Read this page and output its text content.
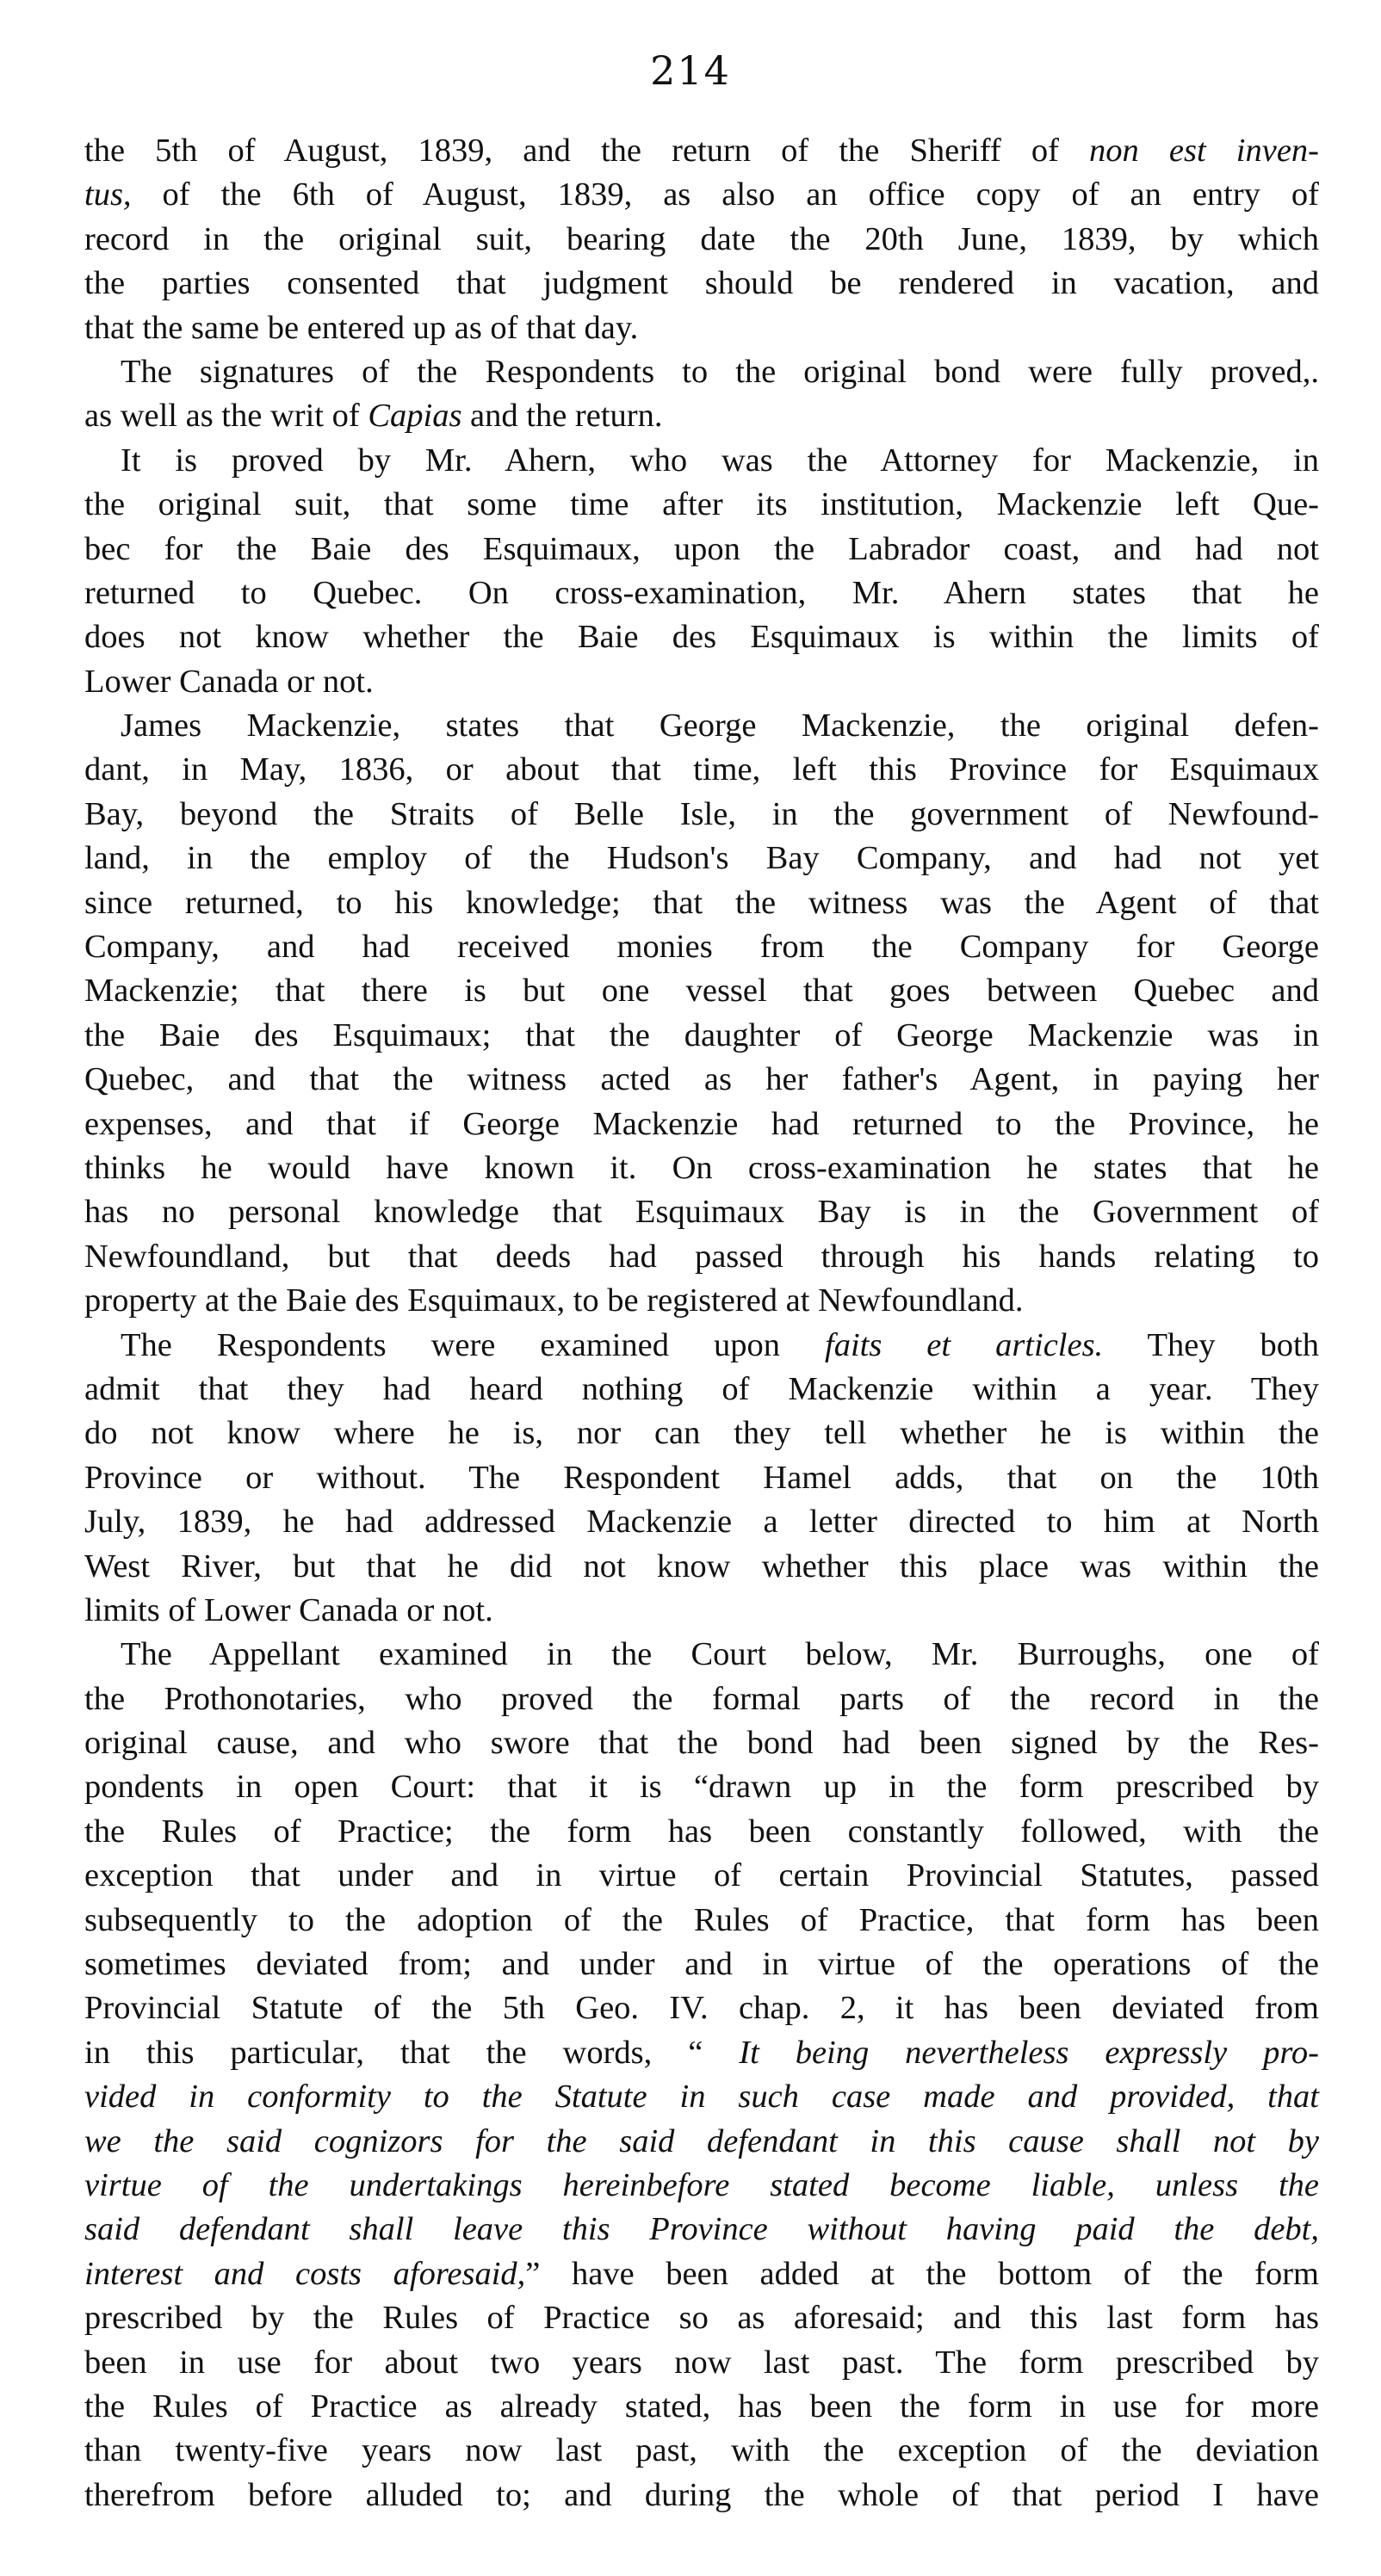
214
the 5th of August, 1839, and the return of the Sheriff of non est inven-
tus, of the 6th of August, 1839, as also an office copy of an entry of
record in the original suit, bearing date the 20th June, 1839, by which
the parties consented that judgment should be rendered in vacation, and
that the same be entered up as of that day.
The signatures of the Respondents to the original bond were fully proved,.
as well as the writ of Capias and the return.
It is proved by Mr. Ahern, who was the Attorney for Mackenzie, in
the original suit, that some time after its institution, Mackenzie left Que-
bec for the Baie des Esquimaux, upon the Labrador coast, and had not
returned to Quebec. On cross-examination, Mr. Ahern states that he
does not know whether the Baie des Esquimaux is within the limits of
Lower Canada or not.
James Mackenzie, states that George Mackenzie, the original defen-
dant, in May, 1836, or about that time, left this Province for Esquimaux
Bay, beyond the Straits of Belle Isle, in the government of Newfound-
land, in the employ of the Hudson's Bay Company, and had not yet
since returned, to his knowledge; that the witness was the Agent of that
Company, and had received monies from the Company for George
Mackenzie; that there is but one vessel that goes between Quebec and
the Baie des Esquimaux; that the daughter of George Mackenzie was in
Quebec, and that the witness acted as her father's Agent, in paying her
expenses, and that if George Mackenzie had returned to the Province, he
thinks he would have known it. On cross-examination he states that he
has no personal knowledge that Esquimaux Bay is in the Government of
Newfoundland, but that deeds had passed through his hands relating to
property at the Baie des Esquimaux, to be registered at Newfoundland.
The Respondents were examined upon faits et articles. They both
admit that they had heard nothing of Mackenzie within a year. They
do not know where he is, nor can they tell whether he is within the
Province or without. The Respondent Hamel adds, that on the 10th
July, 1839, he had addressed Mackenzie a letter directed to him at North
West River, but that he did not know whether this place was within the
limits of Lower Canada or not.
The Appellant examined in the Court below, Mr. Burroughs, one of
the Prothonotaries, who proved the formal parts of the record in the
original cause, and who swore that the bond had been signed by the Res-
pondents in open Court: that it is “drawn up in the form prescribed by
the Rules of Practice; the form has been constantly followed, with the
exception that under and in virtue of certain Provincial Statutes, passed
subsequently to the adoption of the Rules of Practice, that form has been
sometimes deviated from; and under and in virtue of the operations of the
Provincial Statute of the 5th Geo. IV. chap. 2, it has been deviated from
in this particular, that the words, “ It being nevertheless expressly pro-
vided in conformity to the Statute in such case made and provided, that
we the said cognizors for the said defendant in this cause shall not by
virtue of the undertakings hereinbefore stated become liable, unless the
said defendant shall leave this Province without having paid the debt,
interest and costs aforesaid,” have been added at the bottom of the form
prescribed by the Rules of Practice so as aforesaid; and this last form has
been in use for about two years now last past. The form prescribed by
the Rules of Practice as already stated, has been the form in use for more
than twenty-five years now last past, with the exception of the deviation
therefrom before alluded to; and during the whole of that period I have
